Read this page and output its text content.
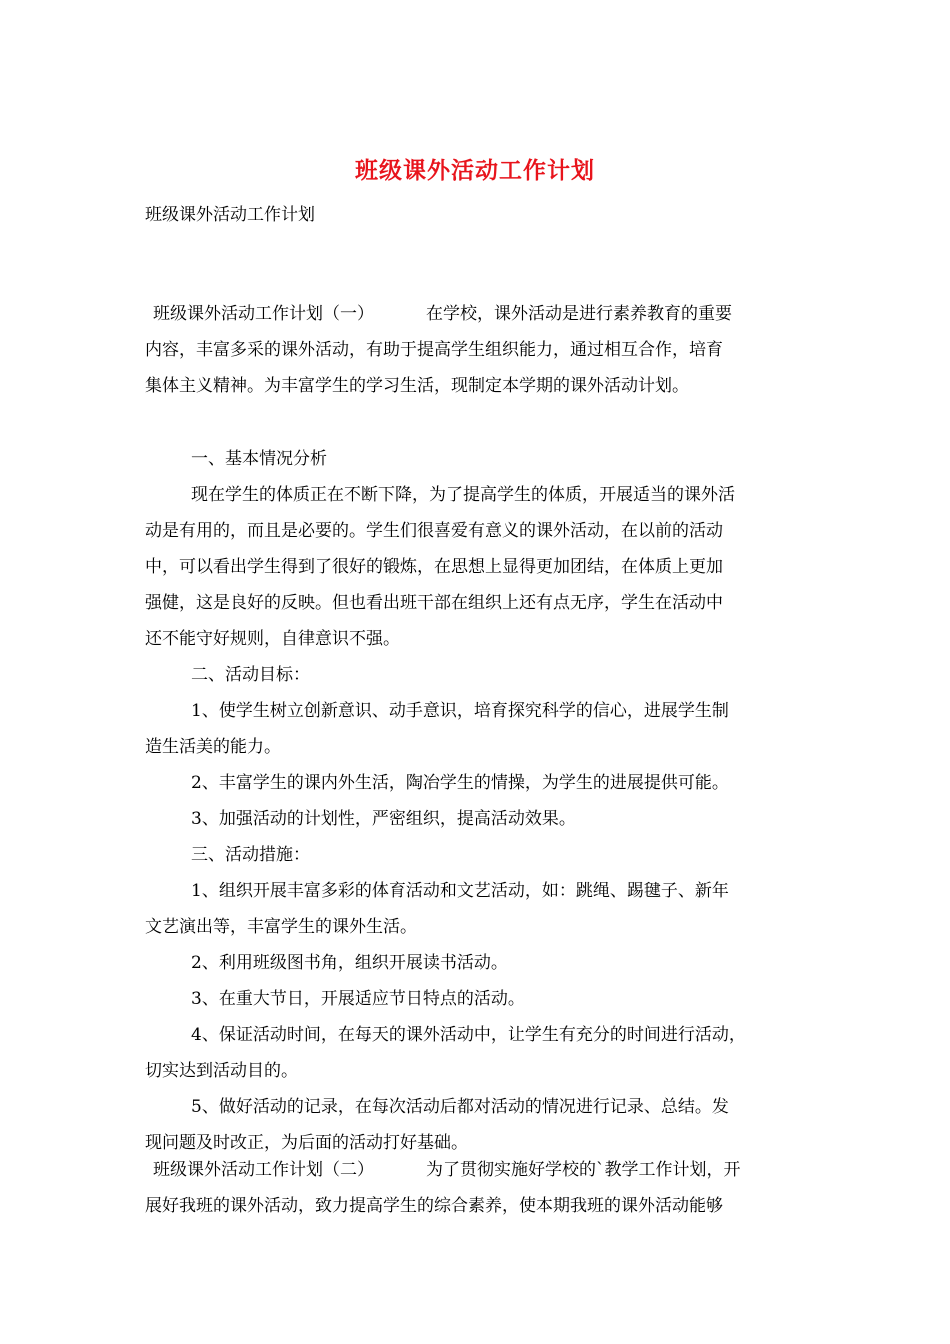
班级课外活动工作计划
班级课外活动工作计划
班级课外活动工作计划（一）	在学校，课外活动是进行素养教育的重要
内容，丰富多采的课外活动，有助于提高学生组织能力，通过相互合作，培育
集体主义精神。为丰富学生的学习生活，现制定本学期的课外活动计划。
一、基本情况分析
现在学生的体质正在不断下降，为了提高学生的体质，开展适当的课外活
动是有用的，而且是必要的。学生们很喜爱有意义的课外活动，在以前的活动
中，可以看出学生得到了很好的锻炼，在思想上显得更加团结，在体质上更加
强健，这是良好的反映。但也看出班干部在组织上还有点无序，学生在活动中
还不能守好规则，自律意识不强。
二、活动目标：
1、使学生树立创新意识、动手意识，培育探究科学的信心，进展学生制
造生活美的能力。
2、丰富学生的课内外生活，陶冶学生的情操，为学生的进展提供可能。
3、加强活动的计划性，严密组织，提高活动效果。
三、活动措施：
1、组织开展丰富多彩的体育活动和文艺活动，如：跳绳、踢毽子、新年
文艺演出等，丰富学生的课外生活。
2、利用班级图书角，组织开展读书活动。
3、在重大节日，开展适应节日特点的活动。
4、保证活动时间，在每天的课外活动中，让学生有充分的时间进行活动，
切实达到活动目的。
5、做好活动的记录，在每次活动后都对活动的情况进行记录、总结。发
现问题及时改正，为后面的活动打好基础。
班级课外活动工作计划（二）	为了贯彻实施好学校的`教学工作计划，开
展好我班的课外活动，致力提高学生的综合素养，使本期我班的课外活动能够
